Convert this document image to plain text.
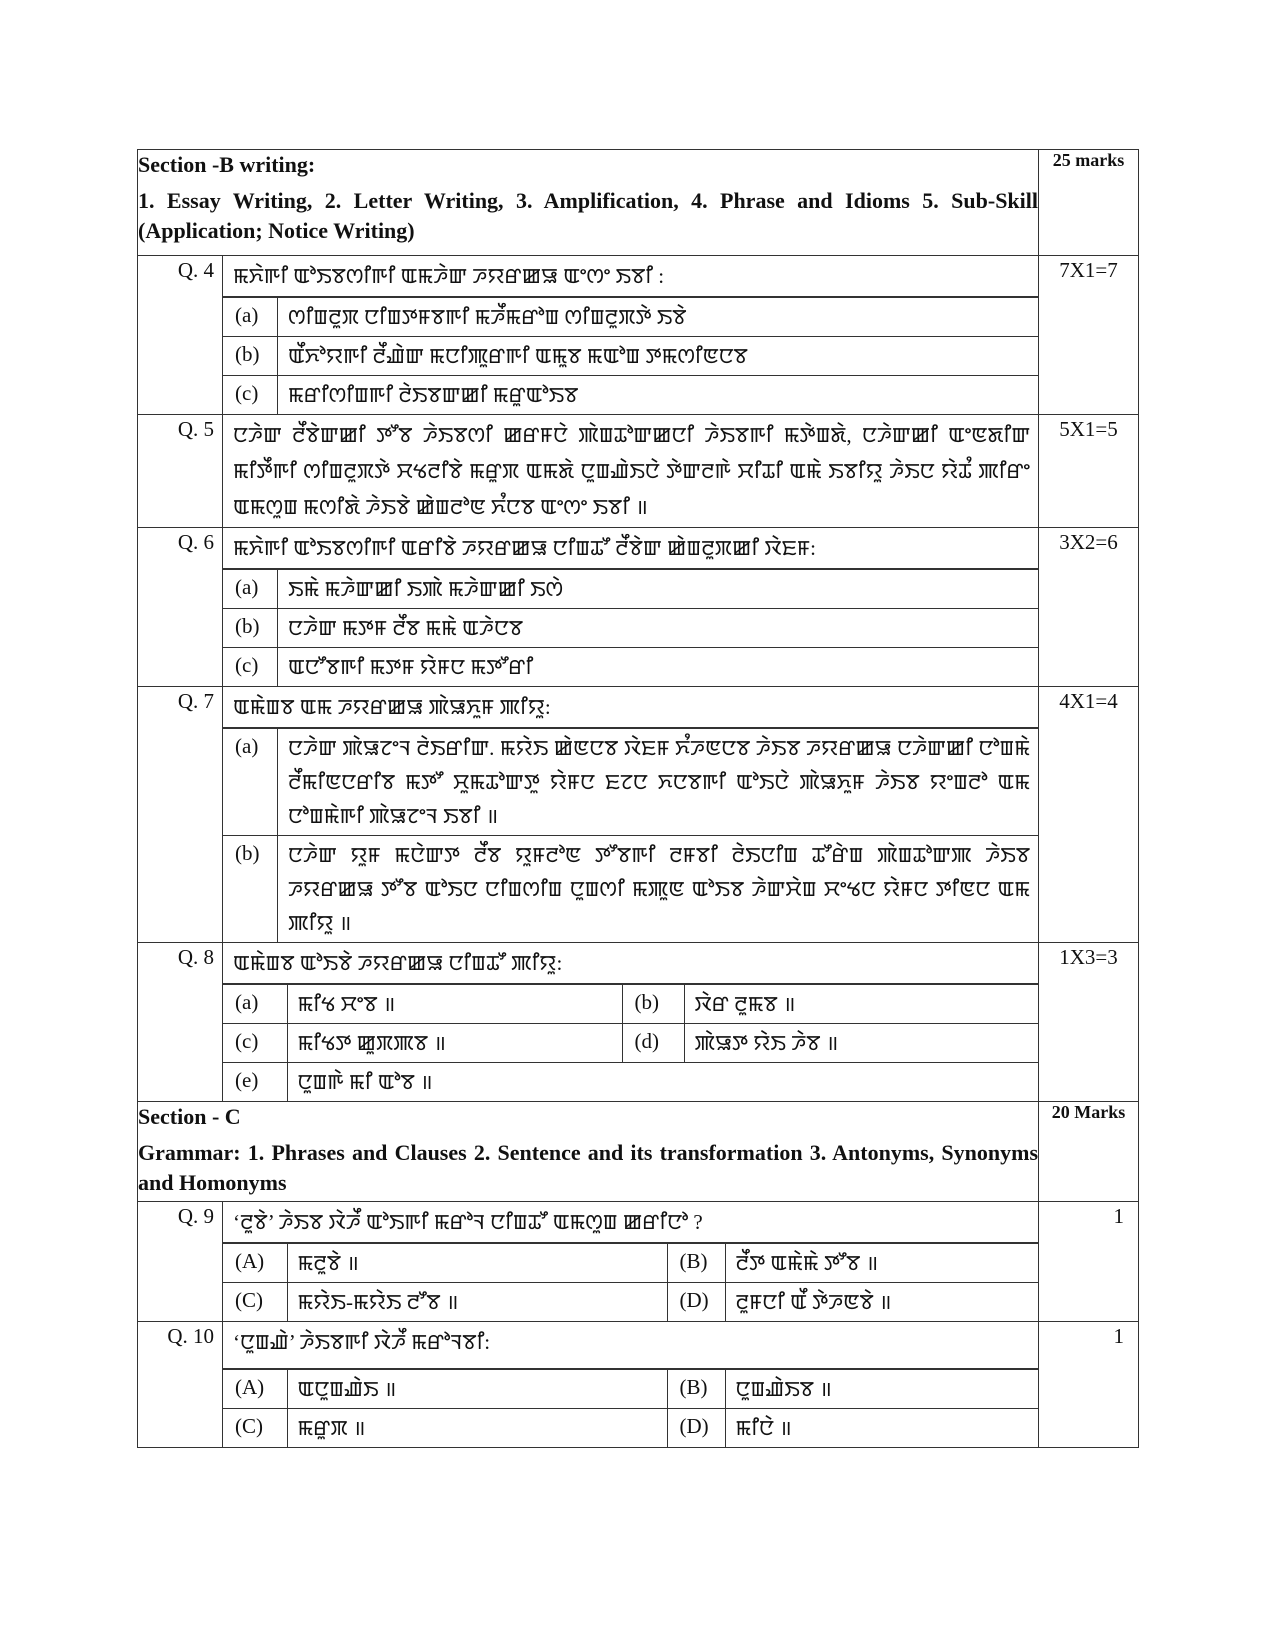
Section -B writing:
1. Essay Writing, 2. Letter Writing, 3. Amplification, 4. Phrase and Idioms 5. Sub-Skill (Application; Notice Writing)
	25 marks
Q. 4	ꯃꯈꯥꯒꯤ ꯑꯣꯏꯕꯁꯤꯒꯤ ꯑꯃꯍꯥꯛ ꯍꯌꯔꯀꯎ ꯑꯦꯁꯦ ꯏꯕꯤ :
(a)	ꯁꯤꯡꯂꯨꯞ ꯅꯤꯡꯇꯝꯕꯒꯤ ꯃꯍꯩꯃꯔꯣꯡ ꯁꯤꯡꯂꯨꯞꯇꯥ ꯏꯕꯥ
(b)	ꯑꯩꯈꯣꯌꯒꯤ ꯂꯩꯉꯥꯛ ꯃꯅꯤꯄꯨꯔꯒꯤ ꯑꯃꯨꯕ ꯃꯑꯣꯡ ꯇꯃꯁꯤꯟꯅꯕ
(c)	ꯃꯔꯤꯁꯤꯡꯒꯤ ꯂꯥꯏꯕꯛꯀꯤ ꯃꯔꯨꯑꯣꯏꯕ
	7X1=7
Q. 5	ꯅꯍꯥꯛ ꯂꯩꯕꯥꯛꯀꯤ ꯇꯧꯕ ꯍꯥꯏꯕꯁꯤ ꯀꯔꯝꯅꯥ ꯄꯥꯡꯊꯣꯛꯀꯅꯤ ꯍꯥꯏꯕꯒꯤ ꯃꯇꯥꯡꯗꯥ, ꯅꯍꯥꯛꯀꯤ ꯑꯦꯟꯗꯤꯛ ꯃꯤꯇꯩꯒꯤ ꯁꯤꯡꯂꯨꯞꯇꯥ ꯆꯠꯂꯤꯕꯥ ꯃꯔꯨꯞ ꯑꯃꯗꯥ ꯅꯨꯡꯉꯥꯏꯅꯥ ꯇꯥꯛꯂꯒꯥ ꯆꯤꯊꯤ ꯑꯃꯥ ꯏꯕꯤꯌꯨ ꯍꯥꯏꯅ ꯌꯥꯊꯪ ꯄꯤꯔꯦ ꯑꯃꯁꯨꯡ ꯃꯁꯤꯗꯥ ꯍꯥꯏꯕꯥ ꯀꯥꯡꯂꯣꯟ ꯈꯪꯅꯕ ꯑꯦꯁꯦ ꯏꯕꯤ ॥
	5X1=5
Q. 6	ꯃꯈꯥꯒꯤ ꯑꯣꯏꯕꯁꯤꯒꯤ ꯑꯔꯤꯕꯥ ꯍꯌꯔꯀꯎ ꯅꯤꯡꯊꯧ ꯂꯩꯕꯥꯛ ꯀꯥꯡꯂꯨꯞꯀꯤ ꯋꯥꯐꯝ:
(a)	ꯏꯃꯥ ꯃꯍꯥꯛꯀꯤ ꯏꯄꯥ ꯃꯍꯥꯛꯀꯤ ꯏꯁꯥ
(b)	ꯅꯍꯥꯛ ꯃꯇꯝ ꯂꯩꯕ ꯃꯃꯥ ꯑꯍꯥꯅꯕ
(c)	ꯑꯅꯧꯕꯒꯤ ꯃꯇꯝ ꯌꯥꯝꯅ ꯃꯇꯧꯔꯤ
	3X2=6
Q. 7	ꯑꯃꯥꯡꯕ ꯑꯃ ꯍꯌꯔꯀꯎ ꯄꯥꯎꯈꯨꯝ ꯄꯤꯌꯨ:
(a)	ꯅꯍꯥꯛ ꯄꯥꯎꯖꯦꯜ ꯂꯥꯏꯔꯤꯛ. ꯃꯌꯥꯏ ꯀꯥꯟꯅꯕ ꯋꯥꯐꯝ ꯈꯪꯍꯟꯅꯕ ꯍꯥꯏꯕ ꯍꯌꯔꯀꯎ ꯅꯍꯥꯛꯀꯤ ꯅꯣꯡꯃꯥ ꯂꯩꯃꯤꯟꯅꯔꯤꯕ ꯃꯇꯧ ꯆꯨꯃꯊꯣꯛꯇꯨ ꯌꯥꯝꯅ ꯐꯖꯅ ꯈꯅꯕꯒꯤ ꯑꯣꯏꯅꯥ ꯄꯥꯎꯈꯨꯝ ꯍꯥꯏꯕ ꯌꯦꯡꯂꯣ ꯑꯃ ꯅꯣꯡꯃꯥꯒꯤ ꯄꯥꯎꯖꯦꯜ ꯏꯕꯤ ॥
(b)	ꯅꯍꯥꯛ ꯌꯨꯝ ꯃꯅꯥꯛꯇ ꯂꯩꯕ ꯌꯨꯝꯂꯣꯟ ꯇꯧꯕꯒꯤ ꯂꯝꯕꯤ ꯂꯥꯏꯅꯤꯡ ꯊꯧꯔꯥꯡ ꯄꯥꯡꯊꯣꯛꯄ ꯍꯥꯏꯕ ꯍꯌꯔꯀꯎ ꯇꯧꯕ ꯑꯣꯏꯅ ꯅꯤꯡꯁꯤꯡ ꯅꯨꯡꯁꯤ ꯃꯄꯨꯟ ꯑꯣꯏꯕ ꯍꯥꯛꯆꯥꯡ ꯆꯦꯠꯅ ꯌꯥꯝꯅ ꯇꯤꯟꯅ ꯑꯃ ꯄꯤꯌꯨ ॥
	4X1=4
Q. 8	ꯑꯃꯥꯡꯕ ꯑꯣꯏꯕꯥ ꯍꯌꯔꯀꯎ ꯅꯤꯡꯊꯧ ꯄꯤꯌꯨ:
(a)	ꯃꯤꯠ ꯆꯦꯕ ॥	(b)	ꯋꯥꯔ ꯂꯨꯃꯕ ॥
(c)	ꯃꯤꯠꯇ ꯀꯨꯞꯄꯕ ॥	(d)	ꯄꯥꯎꯇ ꯌꯥꯏ ꯍꯥꯕ ॥
(e)	ꯅꯨꯡꯒꯥ ꯃꯤ ꯑꯣꯕ ॥
	1X3=3

Section - C
Grammar: 1. Phrases and Clauses 2. Sentence and its transformation 3. Antonyms, Synonyms and Homonyms
	20 Marks
Q. 9	‘ꯂꯨꯕꯥ’ ꯍꯥꯏꯕ ꯋꯥꯍꯩ ꯑꯣꯏꯒꯤ ꯃꯔꯣꯜ ꯅꯤꯡꯊꯧ ꯑꯃꯁꯨꯡ ꯀꯔꯤꯅꯣ ?
(A)	ꯃꯂꯨꯕꯥ ॥	(B)	ꯂꯩꯇ ꯑꯃꯥꯃꯥ ꯇꯧꯕ ॥
(C)	ꯃꯌꯥꯏ-ꯃꯌꯥꯏ ꯂꯧꯕ ॥	(D)	ꯂꯨꯝꯅꯤ ꯑꯩ ꯇꯥꯍꯟꯕꯥ ॥
	1
Q. 10	‘ꯅꯨꯡꯉꯥ’ ꯍꯥꯏꯕꯒꯤ ꯋꯥꯍꯩ ꯃꯔꯣꯜꯕꯤ:
(A)	ꯑꯅꯨꯡꯉꯥꯏ ॥	(B)	ꯅꯨꯡꯉꯥꯏꯕ ॥
(C)	ꯃꯔꯨꯞ ॥	(D)	ꯃꯤꯅꯥ ॥
	1
